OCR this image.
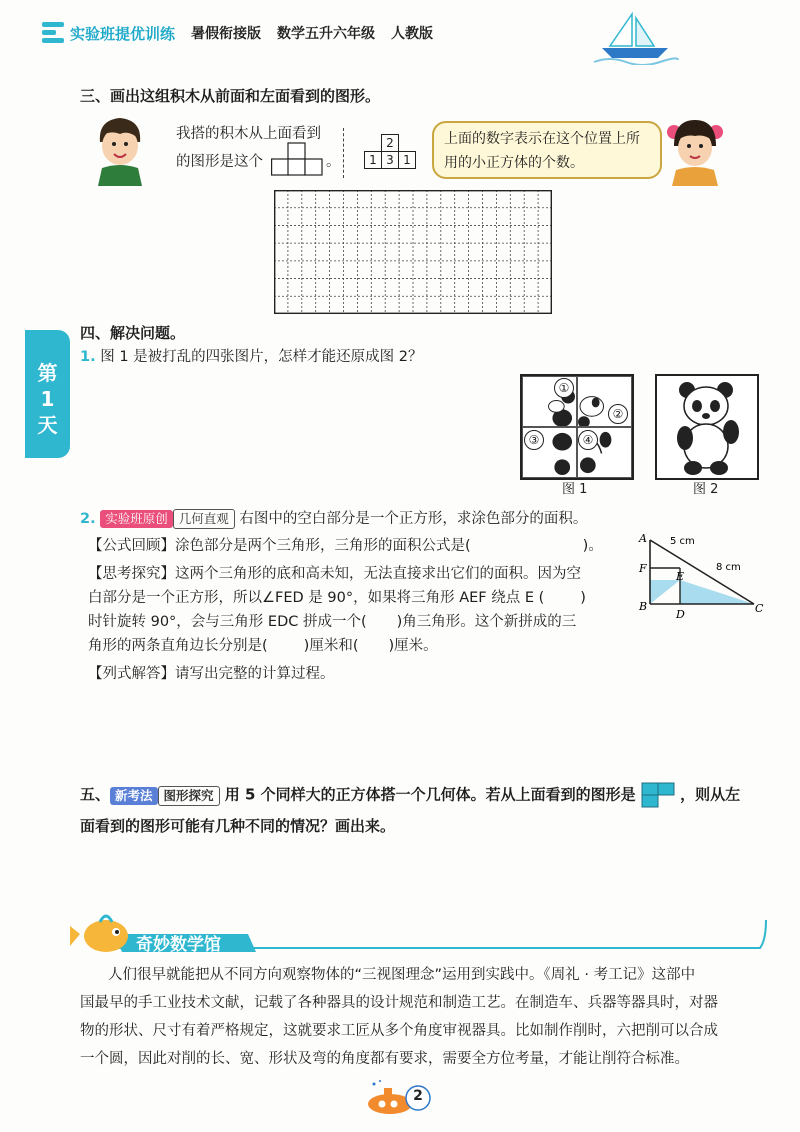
实验班提优训练 暑假衔接版 数学五升六年级 人教版
三、画出这组积木从前面和左面看到的图形。
我搭的积木从上面看到
的图形是这个	。
2
1 3 1
上面的数字表示在这个位置上所用的小正方体的个数。
第
1
天
四、解决问题。
1. 图 1 是被打乱的四张图片，怎样才能还原成图 2？
①
②
③	④
图 1	图 2
2. 实验班原创 几何直观 右图中的空白部分是一个正方形，求涂色部分的面积。
【公式回顾】涂色部分是两个三角形，三角形的面积公式是(	)。
【思考探究】这两个三角形的底和高未知，无法直接求出它们的面积。因为空
白部分是一个正方形，所以∠FED 是 90°，如果将三角形 AEF 绕点 E ( )
时针旋转 90°，会与三角形 EDC 拼成一个( )角三角形。这个新拼成的三
角形的两条直角边长分别是( )厘米和( )厘米。
【列式解答】请写出完整的计算过程。
A
F
E
B
D	C
5 cm
8 cm
五、 新考法 图形探究 用 5 个同样大的正方体搭一个几何体。若从上面看到的图形是	，则从左
面看到的图形可能有几种不同的情况？画出来。
奇妙数学馆
人们很早就能把从不同方向观察物体的“三视图理念”运用到实践中。《周礼 · 考工记》这部中
国最早的手工业技术文献，记载了各种器具的设计规范和制造工艺。在制造车、兵器等器具时，对器
物的形状、尺寸有着严格规定，这就要求工匠从多个角度审视器具。比如制作削时，六把削可以合成
一个圆，因此对削的长、宽、形状及弯的角度都有要求，需要全方位考量，才能让削符合标准。
2
